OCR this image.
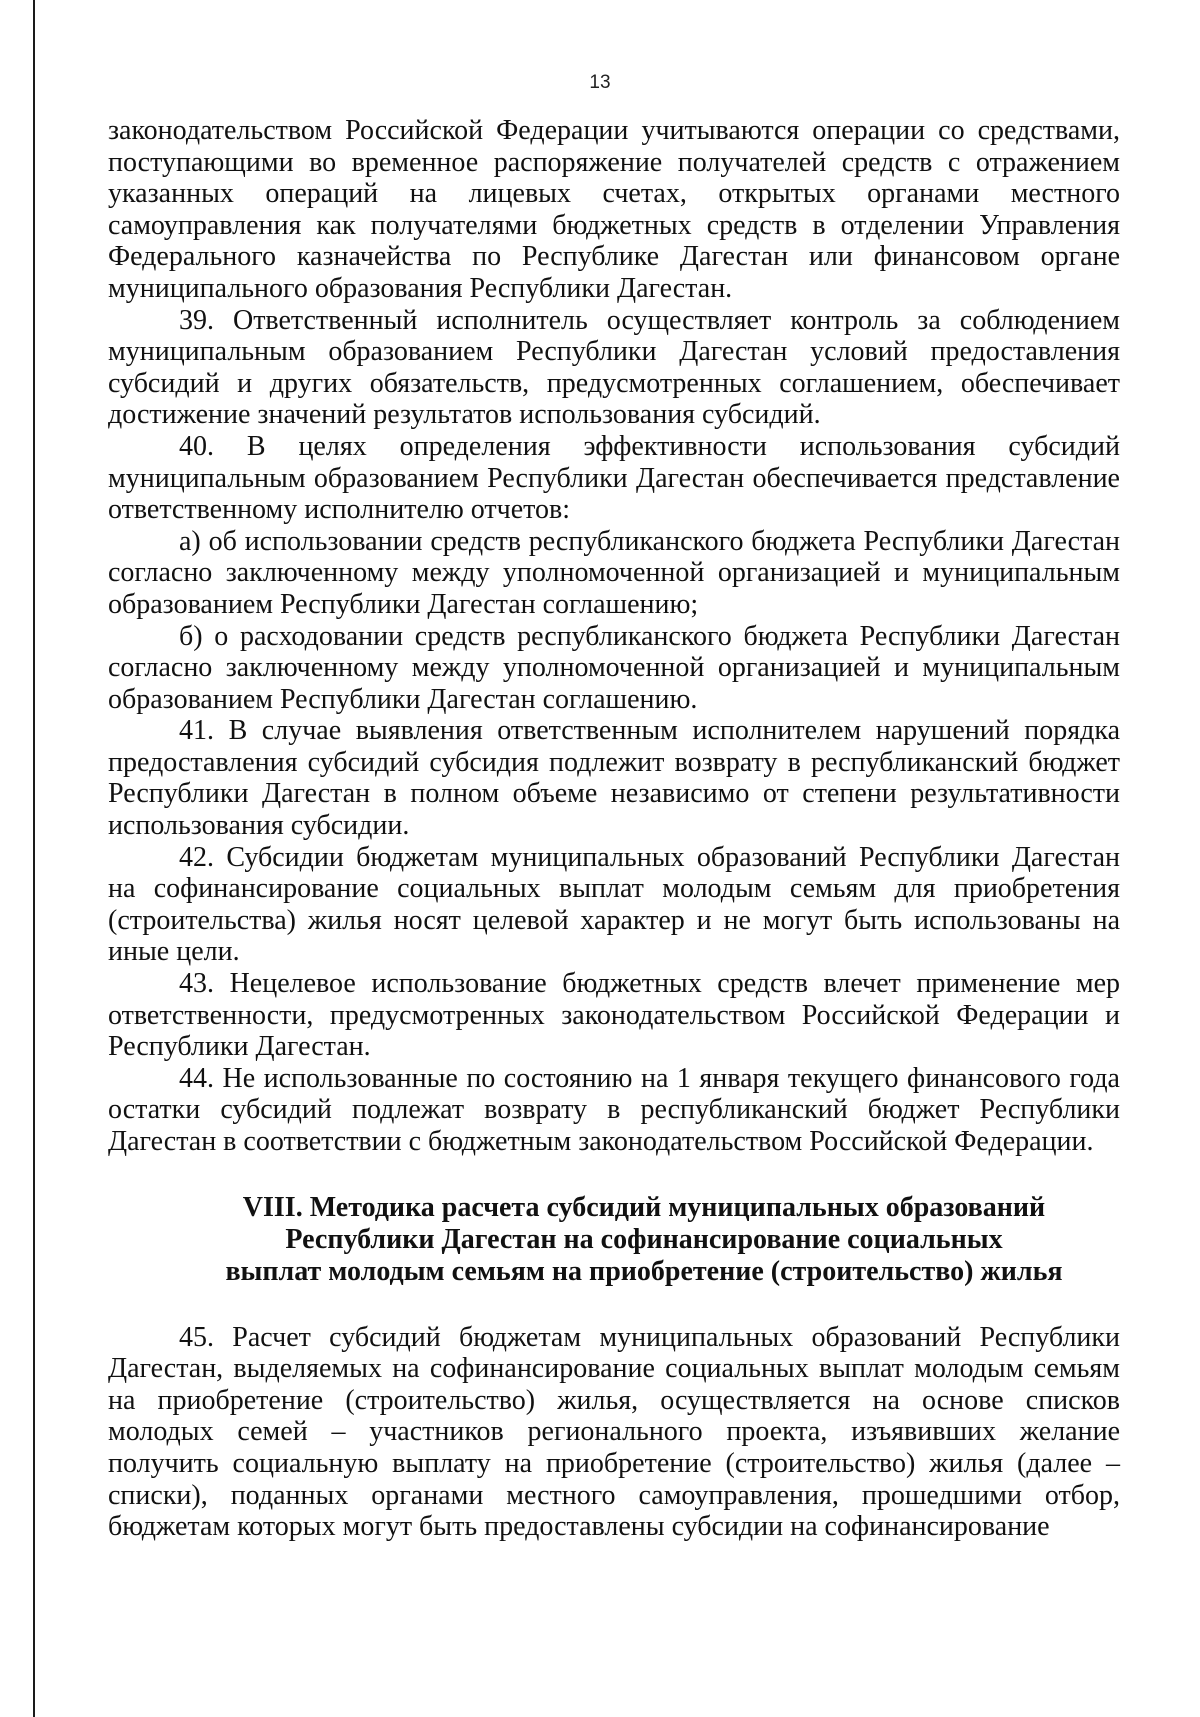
13

законодательством Российской Федерации учитываются операции со средствами, поступающими во временное распоряжение получателей средств с отражением указанных операций на лицевых счетах, открытых органами местного самоуправления как получателями бюджетных средств в отделении Управления Федерального казначейства по Республике Дагестан или финансовом органе муниципального образования Республики Дагестан.

39. Ответственный исполнитель осуществляет контроль за соблюдением муниципальным образованием Республики Дагестан условий предоставления субсидий и других обязательств, предусмотренных соглашением, обеспечивает достижение значений результатов использования субсидий.

40. В целях определения эффективности использования субсидий муниципальным образованием Республики Дагестан обеспечивается представление ответственному исполнителю отчетов:

а) об использовании средств республиканского бюджета Республики Дагестан согласно заключенному между уполномоченной организацией и муниципальным образованием Республики Дагестан соглашению;

б) о расходовании средств республиканского бюджета Республики Дагестан согласно заключенному между уполномоченной организацией и муниципальным образованием Республики Дагестан соглашению.

41. В случае выявления ответственным исполнителем нарушений порядка предоставления субсидий субсидия подлежит возврату в республиканский бюджет Республики Дагестан в полном объеме независимо от степени результативности использования субсидии.

42. Субсидии бюджетам муниципальных образований Республики Дагестан на софинансирование социальных выплат молодым семьям для приобретения (строительства) жилья носят целевой характер и не могут быть использованы на иные цели.

43. Нецелевое использование бюджетных средств влечет применение мер ответственности, предусмотренных законодательством Российской Федерации и Республики Дагестан.

44. Не использованные по состоянию на 1 января текущего финансового года остатки субсидий подлежат возврату в республиканский бюджет Республики Дагестан в соответствии с бюджетным законодательством Российской Федерации.

VIII. Методика расчета субсидий муниципальных образований
Республики Дагестан на софинансирование социальных
выплат молодым семьям на приобретение (строительство) жилья

45. Расчет субсидий бюджетам муниципальных образований Республики Дагестан, выделяемых на софинансирование социальных выплат молодым семьям на приобретение (строительство) жилья, осуществляется на основе списков молодых семей – участников регионального проекта, изъявивших желание получить социальную выплату на приобретение (строительство) жилья (далее – списки), поданных органами местного самоуправления, прошедшими отбор, бюджетам которых могут быть предоставлены субсидии на софинансирование
